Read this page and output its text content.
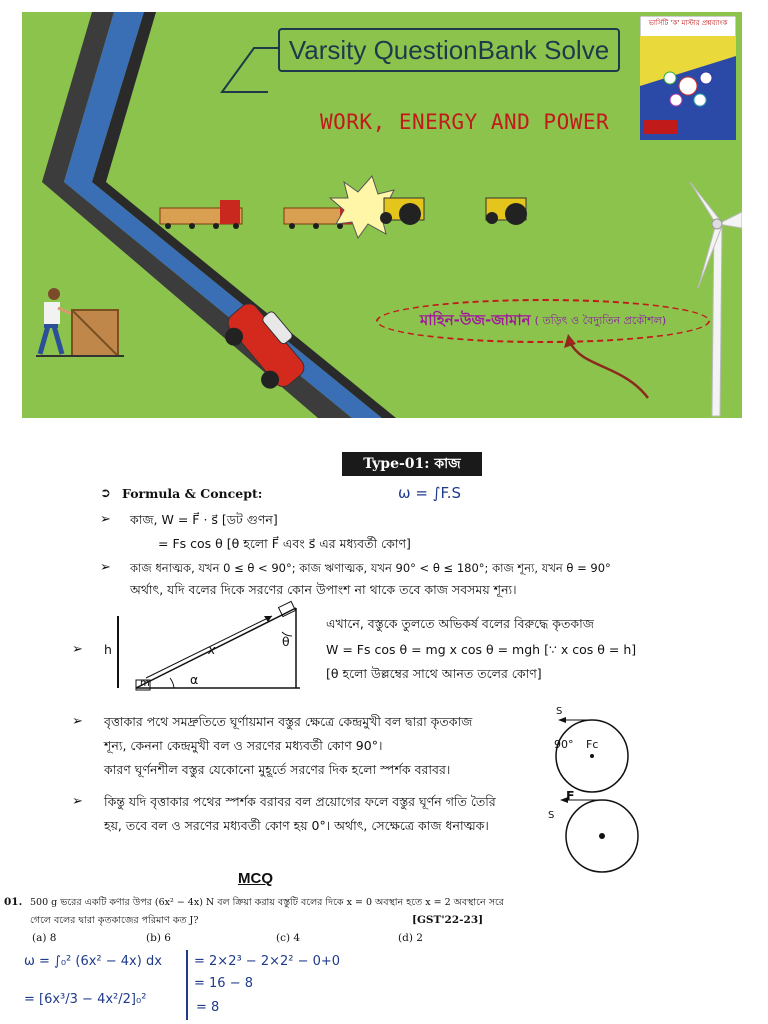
Varsity QuestionBank Solve
WORK, ENERGY AND POWER
মাহিন-উজ-জামান ( তড়িৎ ও বৈদ্যুতিন প্রকৌশল)
ভার্সিটি 'ক' মাস্টার প্রশ্নব্যাংক
Type-01: কাজ
ω = ∫F.S
➲ Formula & Concept:
➢ কাজ, W = F⃗ · s⃗ [ডট গুণন]
= Fs cos θ [θ হলো F⃗ এবং s⃗ এর মধ্যবর্তী কোণ]
➢ কাজ ধনাত্মক, যখন 0 ≤ θ < 90°; কাজ ঋণাত্মক, যখন 90° < θ ≤ 180°; কাজ শূন্য, যখন θ = 90°
অর্থাৎ, যদি বলের দিকে সরণের কোন উপাংশ না থাকে তবে কাজ সবসময় শূন্য।
h	x
m	α
θ
এখানে, বস্তুকে তুলতে অভিকর্ষ বলের বিরুদ্ধে কৃতকাজ
W = Fs cos θ = mg x cos θ = mgh [∵ x cos θ = h]
[θ হলো উল্লম্বের সাথে আনত তলের কোণ]
➢
➢ বৃত্তাকার পথে সমদ্রুতিতে ঘূর্ণায়মান বস্তুর ক্ষেত্রে কেন্দ্রমুখী বল দ্বারা কৃতকাজ
শূন্য, কেননা কেন্দ্রমুখী বল ও সরণের মধ্যবর্তী কোণ 90°।
কারণ ঘূর্ণনশীল বস্তুর যেকোনো মুহূর্তে সরণের দিক হলো স্পর্শক বরাবর।
S
90° Fc
➢ কিন্তু যদি বৃত্তাকার পথের স্পর্শক বরাবর বল প্রয়োগের ফলে বস্তুর ঘূর্ণন গতি তৈরি
হয়, তবে বল ও সরণের মধ্যবর্তী কোণ হয় 0°। অর্থাৎ, সেক্ষেত্রে কাজ ধনাত্মক।
F
S
MCQ
01. 500 g ভরের একটি কণার উপর (6x² − 4x) N বল ক্রিয়া করায় বস্তুটি বলের দিকে x = 0 অবস্থান হতে x = 2 অবস্থানে সরে
গেলে বলের দ্বারা কৃতকাজের পরিমাণ কত J?	[GST'22-23]
(a) 8	(b) 6	(c) 4	(d) 2
ω = ∫₀² (6x² − 4x) dx
= [6x³/3 − 4x²/2]₀²
= 2×2³ − 2×2² − 0+0
= 16 − 8
= 8
